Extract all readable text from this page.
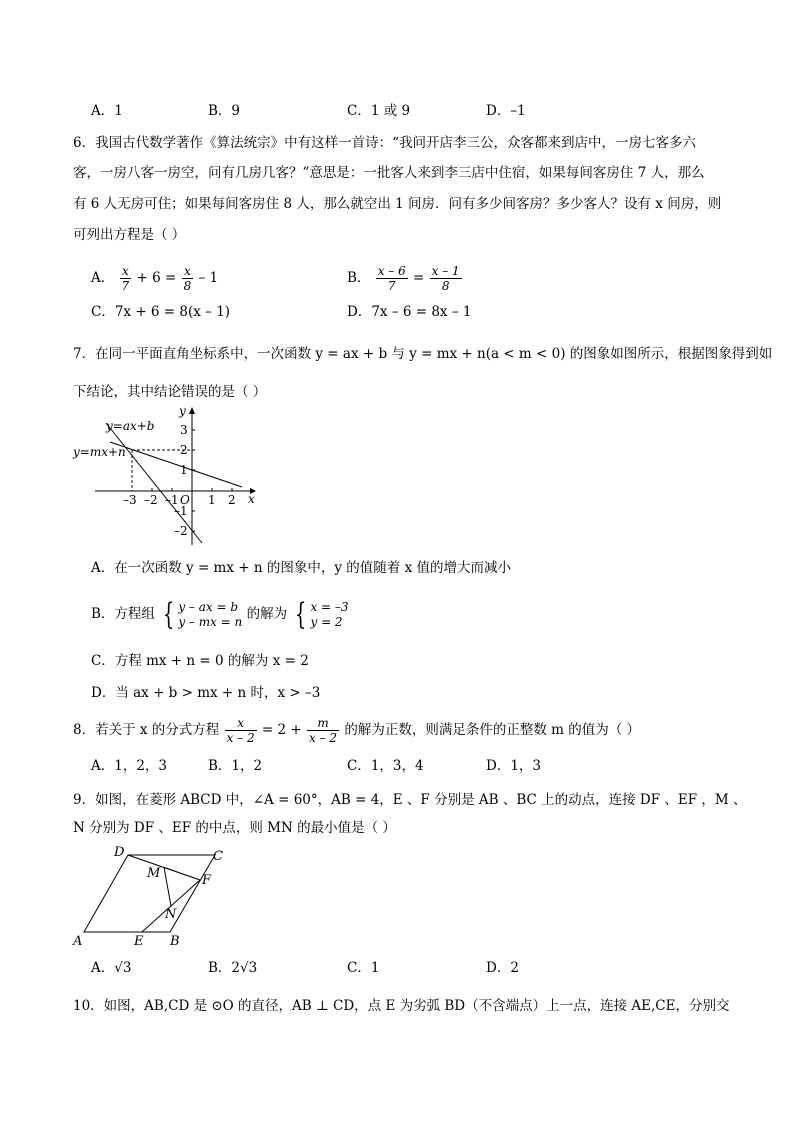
A．1	B．9	C．1 或 9	D．–1
6．我国古代数学著作《算法统宗》中有这样一首诗：“我问开店李三公，众客都来到店中，一房七客多六
客，一房八客一房空，问有几房几客？”意思是：一批客人来到李三店中住宿，如果每间客房住 7 人，那么
有 6 人无房可住；如果每间客房住 8 人，那么就空出 1 间房．问有多少间客房？多少客人？设有 x 间房，则
可列出方程是（ ）
A． $\frac{x}{7} + 6 = \frac{x}{8} - 1$	B． $\frac{x - 6}{7} = \frac{x - 1}{8}$
C．7x + 6 = 8(x – 1)	D．7x – 6 = 8x – 1
7．在同一平面直角坐标系中，一次函数 y = ax + b 与 y = mx + n(a < m < 0) 的图象如图所示，根据图象得到如
下结论，其中结论错误的是（ ）
y=ax+b
y=mx+n
x
y
O
–3 –2 –1 1 2
3
2
1
–1
–2
A．在一次函数 y = mx + n 的图象中，y 的值随着 x 值的增大而减小
B．方程组 { y – ax = b
y – mx = n 的解为 { x = –3
y = 2
C．方程 mx + n = 0 的解为 x = 2
D．当 ax + b > mx + n 时，x > –3
8．若关于 x 的分式方程 $\frac{x}{x - 2} = 2 + \frac{m}{x - 2}$ 的解为正数，则满足条件的正整数 m 的值为（ ）
A．1，2，3	B．1，2	C．1，3，4	D．1，3
9．如图，在菱形 ABCD 中，∠A = 60°，AB = 4，E 、F 分别是 AB 、BC 上的动点，连接 DF 、EF ，M 、
N 分别为 DF 、EF 的中点，则 MN 的最小值是（ ）
A	B
C
D
E
F
M
N
A．√3	B．2√3	C．1	D．2
10．如图，AB,CD 是 ⊙O 的直径，AB ⊥ CD，点 E 为劣弧 BD（不含端点）上一点，连接 AE,CE，分别交
